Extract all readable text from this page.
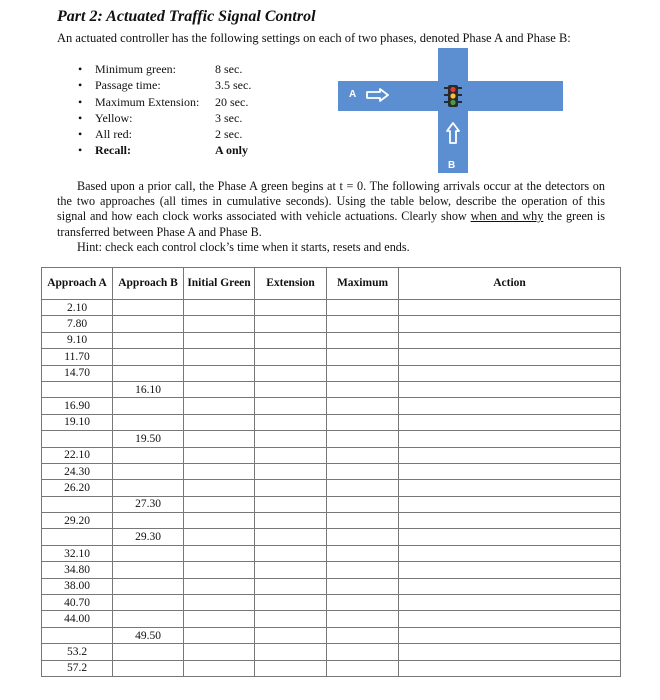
Part 2: Actuated Traffic Signal Control
An actuated controller has the following settings on each of two phases, denoted Phase A and Phase B:
• Minimum green:	8 sec.
• Passage time:	3.5 sec.
• Maximum Extension: 20 sec.
• Yellow:	3 sec.
• All red:	2 sec.
• Recall:	A only
A
B
Based upon a prior call, the Phase A green begins at t = 0. The following arrivals occur at the detectors on the two approaches (all times in cumulative seconds). Using the table below, describe the operation of this signal and how each clock works associated with vehicle actuations. Clearly show when and why the green is transferred between Phase A and Phase B.
Hint: check each control clock’s time when it starts, resets and ends.
Approach A	Approach B	Initial Green	Extension	Maximum	Action
2.10					
7.80					
9.10					
11.70					
14.70					
	16.10				
16.90					
19.10					
	19.50				
22.10					
24.30					
26.20					
	27.30				
29.20					
	29.30				
32.10					
34.80					
38.00					
40.70					
44.00					
	49.50				
53.2					
57.2					
